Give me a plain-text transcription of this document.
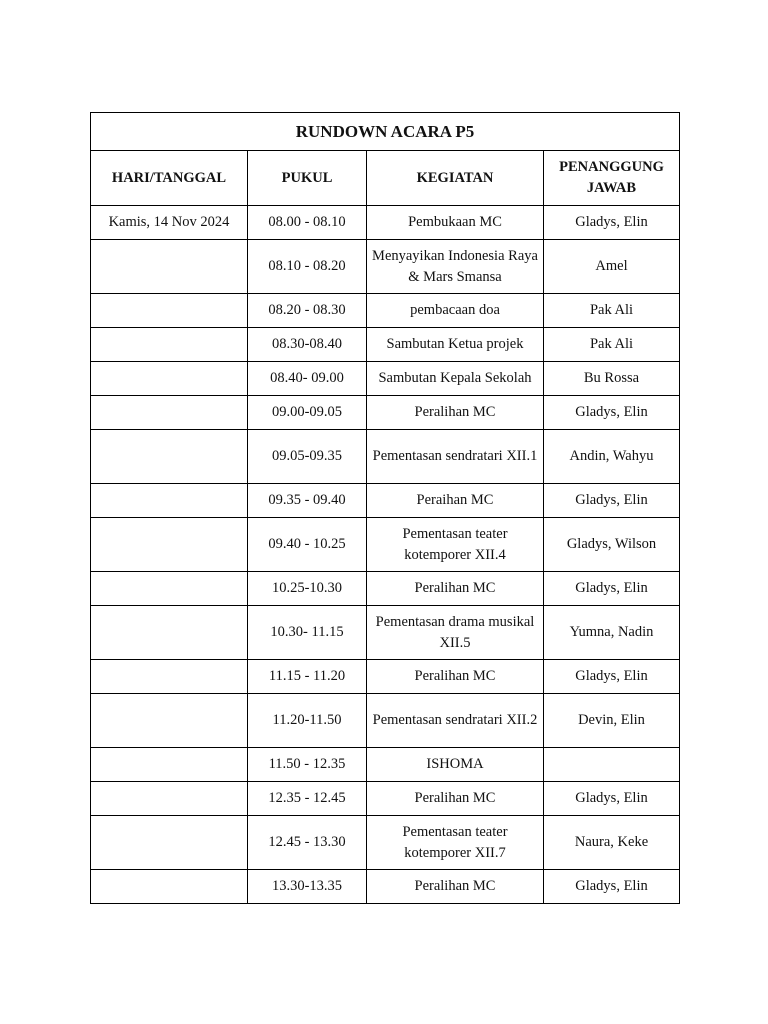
RUNDOWN ACARA P5			
HARI/TANGGAL	PUKUL	KEGIATAN	PENANGGUNG JAWAB
Kamis, 14 Nov 2024	08.00 - 08.10	Pembukaan MC	Gladys, Elin
	08.10 - 08.20	Menyayikan Indonesia Raya & Mars Smansa	Amel
	08.20 - 08.30	pembacaan doa	Pak Ali
	08.30-08.40	Sambutan Ketua projek	Pak Ali
	08.40- 09.00	Sambutan Kepala Sekolah	Bu Rossa
	09.00-09.05	Peralihan MC	Gladys, Elin
	09.05-09.35	Pementasan sendratari XII.1	Andin, Wahyu
	09.35 - 09.40	Peraihan MC	Gladys, Elin
	09.40 - 10.25	Pementasan teater kotemporer XII.4	Gladys, Wilson
	10.25-10.30	Peralihan MC	Gladys, Elin
	10.30- 11.15	Pementasan drama musikal XII.5	Yumna, Nadin
	11.15 - 11.20	Peralihan MC	Gladys, Elin
	11.20-11.50	Pementasan sendratari XII.2	Devin, Elin
	11.50 - 12.35	ISHOMA	
	12.35 - 12.45	Peralihan MC	Gladys, Elin
	12.45 - 13.30	Pementasan teater kotemporer XII.7	Naura, Keke
	13.30-13.35	Peralihan MC	Gladys, Elin
